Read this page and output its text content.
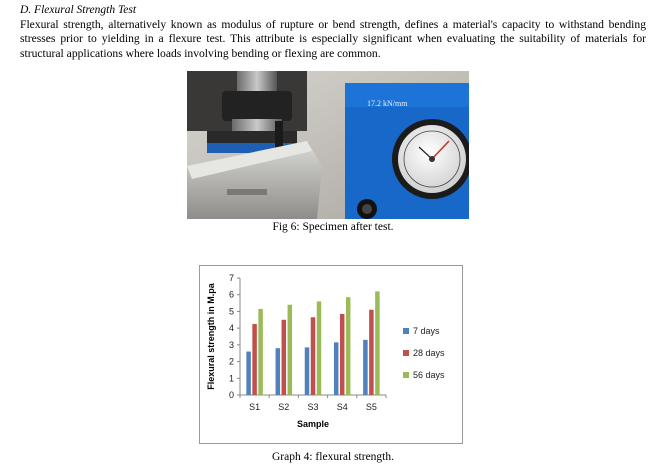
D. Flexural Strength Test

Flexural strength, alternatively known as modulus of rupture or bend strength, defines a material's capacity to withstand bending stresses prior to yielding in a flexure test. This attribute is especially significant when evaluating the suitability of materials for structural applications where loads involving bending or flexing are common.

17.2 kN/mm
Fig 6: Specimen after test.
0
1
2
3
4
5
6
7
S1 S2 S3 S4 S5
Sample
Flexural strength in M.pa	7 days
28 days
56 days
Graph 4: flexural strength.
